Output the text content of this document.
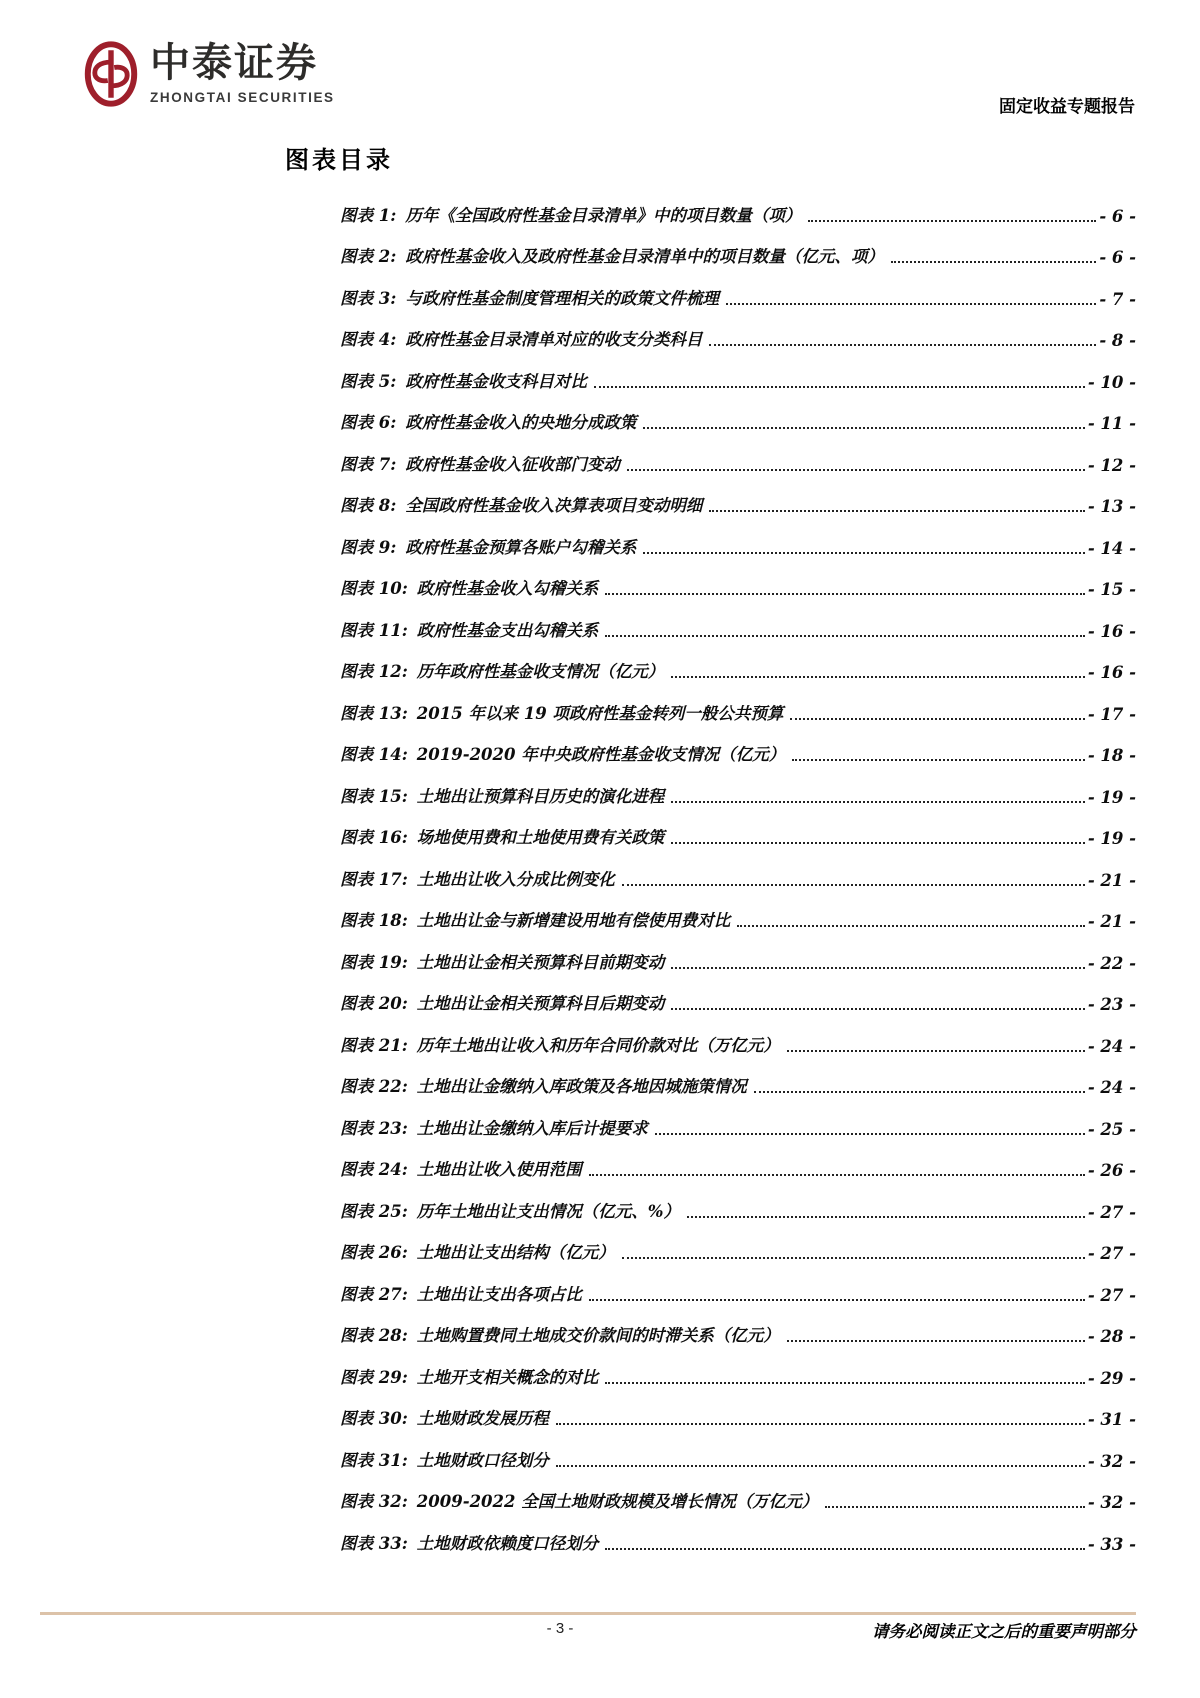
中泰证券
ZHONGTAI SECURITIES	固定收益专题报告
图表目录
图表 1: 历年《全国政府性基金目录清单》中的项目数量（项）	- 6 -
图表 2: 政府性基金收入及政府性基金目录清单中的项目数量（亿元、项）	- 6 -
图表 3: 与政府性基金制度管理相关的政策文件梳理	- 7 -
图表 4: 政府性基金目录清单对应的收支分类科目	- 8 -
图表 5: 政府性基金收支科目对比	- 10 -
图表 6: 政府性基金收入的央地分成政策	- 11 -
图表 7: 政府性基金收入征收部门变动	- 12 -
图表 8: 全国政府性基金收入决算表项目变动明细	- 13 -
图表 9: 政府性基金预算各账户勾稽关系	- 14 -
图表 10: 政府性基金收入勾稽关系	- 15 -
图表 11: 政府性基金支出勾稽关系	- 16 -
图表 12: 历年政府性基金收支情况（亿元）	- 16 -
图表 13: 2015 年以来 19 项政府性基金转列一般公共预算	- 17 -
图表 14: 2019-2020 年中央政府性基金收支情况（亿元）	- 18 -
图表 15: 土地出让预算科目历史的演化进程	- 19 -
图表 16: 场地使用费和土地使用费有关政策	- 19 -
图表 17: 土地出让收入分成比例变化	- 21 -
图表 18: 土地出让金与新增建设用地有偿使用费对比	- 21 -
图表 19: 土地出让金相关预算科目前期变动	- 22 -
图表 20: 土地出让金相关预算科目后期变动	- 23 -
图表 21: 历年土地出让收入和历年合同价款对比（万亿元）	- 24 -
图表 22: 土地出让金缴纳入库政策及各地因城施策情况	- 24 -
图表 23: 土地出让金缴纳入库后计提要求	- 25 -
图表 24: 土地出让收入使用范围	- 26 -
图表 25: 历年土地出让支出情况（亿元、%）	- 27 -
图表 26: 土地出让支出结构（亿元）	- 27 -
图表 27: 土地出让支出各项占比	- 27 -
图表 28: 土地购置费同土地成交价款间的时滞关系（亿元）	- 28 -
图表 29: 土地开支相关概念的对比	- 29 -
图表 30: 土地财政发展历程	- 31 -
图表 31: 土地财政口径划分	- 32 -
图表 32: 2009-2022 全国土地财政规模及增长情况（万亿元）	- 32 -
图表 33: 土地财政依赖度口径划分	- 33 -
- 3 -	请务必阅读正文之后的重要声明部分
